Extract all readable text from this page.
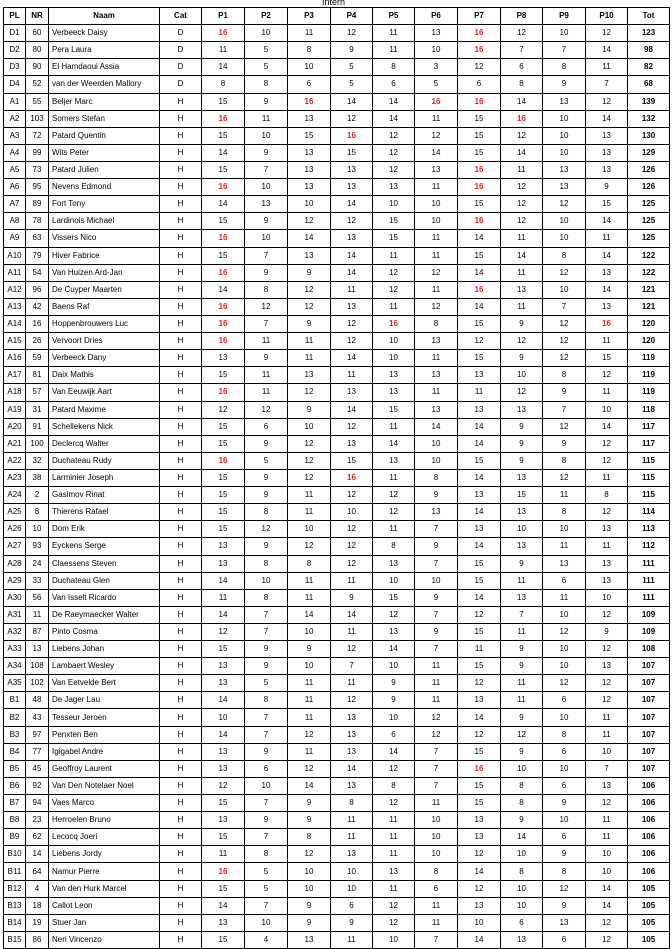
Intern
PL	NR	Naam	Cat	P1	P2	P3	P4	P5	P6	P7	P8	P9	P10	Tot
D1	60	Verbeeck Daisy	D	16	10	11	12	11	13	16	12	10	12	123
D2	80	Pera Laura	D	11	5	8	9	11	10	16	7	7	14	98
D3	90	El Hamdaoui Assia	D	14	5	10	5	8	3	12	6	8	11	82
D4	52	van der Weerden Mallory	D	8	8	6	5	6	5	6	8	9	7	68
A1	55	Beljer Marc	H	15	9	16	14	14	16	16	14	13	12	139
A2	103	Somers Stefan	H	16	11	13	12	14	11	15	16	10	14	132
A3	72	Patard Quentin	H	15	10	15	16	12	12	15	12	10	13	130
A4	99	Wits Peter	H	14	9	13	15	12	14	15	14	10	13	129
A5	73	Patard Julien	H	15	7	13	13	12	13	16	11	13	13	126
A6	95	Nevens Edmond	H	16	10	13	13	13	11	16	12	13	9	126
A7	89	Fort Tony	H	14	13	10	14	10	10	15	12	12	15	125
A8	78	Lardinois Michael	H	15	9	12	12	15	10	16	12	10	14	125
A9	63	Vissers Nico	H	16	10	14	13	15	11	14	11	10	11	125
A10	79	Hiver Fabrice	H	15	7	13	14	11	11	15	14	8	14	122
A11	54	Van Huizen Ard-Jan	H	16	9	9	14	12	12	14	11	12	13	122
A12	96	De Cuyper Maarten	H	14	8	12	11	12	11	16	13	10	14	121
A13	42	Baens Raf	H	16	12	12	13	11	12	14	11	7	13	121
A14	16	Hoppenbrouwers Luc	H	16	7	9	12	16	8	15	9	12	16	120
A15	26	Vervoort Dries	H	16	11	11	12	10	13	12	12	12	11	120
A16	59	Verbeeck Dany	H	13	9	11	14	10	11	15	9	12	15	119
A17	81	Daix Mathis	H	15	11	13	11	13	13	13	10	8	12	119
A18	57	Van Eeuwijk Aart	H	16	11	12	13	13	11	11	12	9	11	119
A19	31	Patard Maxime	H	12	12	9	14	15	13	13	13	7	10	118
A20	91	Schellekens Nick	H	15	6	10	12	11	14	14	9	12	14	117
A21	100	Declercq Walter	H	15	9	12	13	14	10	14	9	9	12	117
A22	32	Duchateau Rudy	H	16	5	12	15	13	10	15	9	8	12	115
A23	38	Larminier Joseph	H	15	9	12	16	11	8	14	13	12	11	115
A24	2	Gasimov Rinat	H	15	9	11	12	12	9	13	15	11	8	115
A25	8	Thierens Rafael	H	15	8	11	10	12	13	14	13	8	12	114
A26	10	Dom Erik	H	15	12	10	12	11	7	13	10	10	13	113
A27	93	Eyckens Serge	H	13	9	12	12	8	9	14	13	11	11	112
A28	24	Claessens Steven	H	13	8	8	12	13	7	15	9	13	13	111
A29	33	Duchateau Glen	H	14	10	11	11	10	10	15	11	6	13	111
A30	56	Van Isselt Ricardo	H	11	8	11	9	15	9	14	13	11	10	111
A31	11	De Raeymaecker Walter	H	14	7	14	14	12	7	12	7	10	12	109
A32	87	Pinto Cosma	H	12	7	10	11	13	9	15	11	12	9	109
A33	13	Liebens Johan	H	15	9	9	12	14	7	11	9	10	12	108
A34	108	Lambaert Wesley	H	13	9	10	7	10	11	15	9	10	13	107
A35	102	Van Eetvelde Bert	H	13	5	11	11	9	11	12	11	12	12	107
B1	48	De Jager Lau	H	14	8	11	12	9	11	13	11	6	12	107
B2	43	Tesseur Jeroen	H	10	7	11	13	10	12	14	9	10	11	107
B3	97	Penxten Ben	H	14	7	12	13	6	12	12	12	8	11	107
B4	77	Igigabel Andre	H	13	9	11	13	14	7	15	9	6	10	107
B5	45	Geoffroy Laurent	H	13	6	12	14	12	7	16	10	10	7	107
B6	92	Van Den Notelaer Noel	H	12	10	14	13	8	7	15	8	6	13	106
B7	94	Vaes Marco	H	15	7	9	8	12	11	15	8	9	12	106
B8	23	Herroelen Bruno	H	13	9	9	11	11	10	13	9	10	11	106
B9	62	Lecocq Joeri	H	15	7	8	11	11	10	13	14	6	11	106
B10	14	Liebens Jordy	H	11	8	12	13	11	10	12	10	9	10	106
B11	64	Namur Pierre	H	16	5	10	10	13	8	14	8	8	10	106
B12	4	Van den Hurk Marcel	H	15	5	10	10	11	6	12	10	12	14	105
B13	18	Callot Leon	H	14	7	9	6	12	11	13	10	9	14	105
B14	19	Stuer Jan	H	13	10	9	9	12	11	10	6	13	12	105
B15	86	Neri Vincenzo	H	15	4	13	11	10	7	14	13	6	12	105
